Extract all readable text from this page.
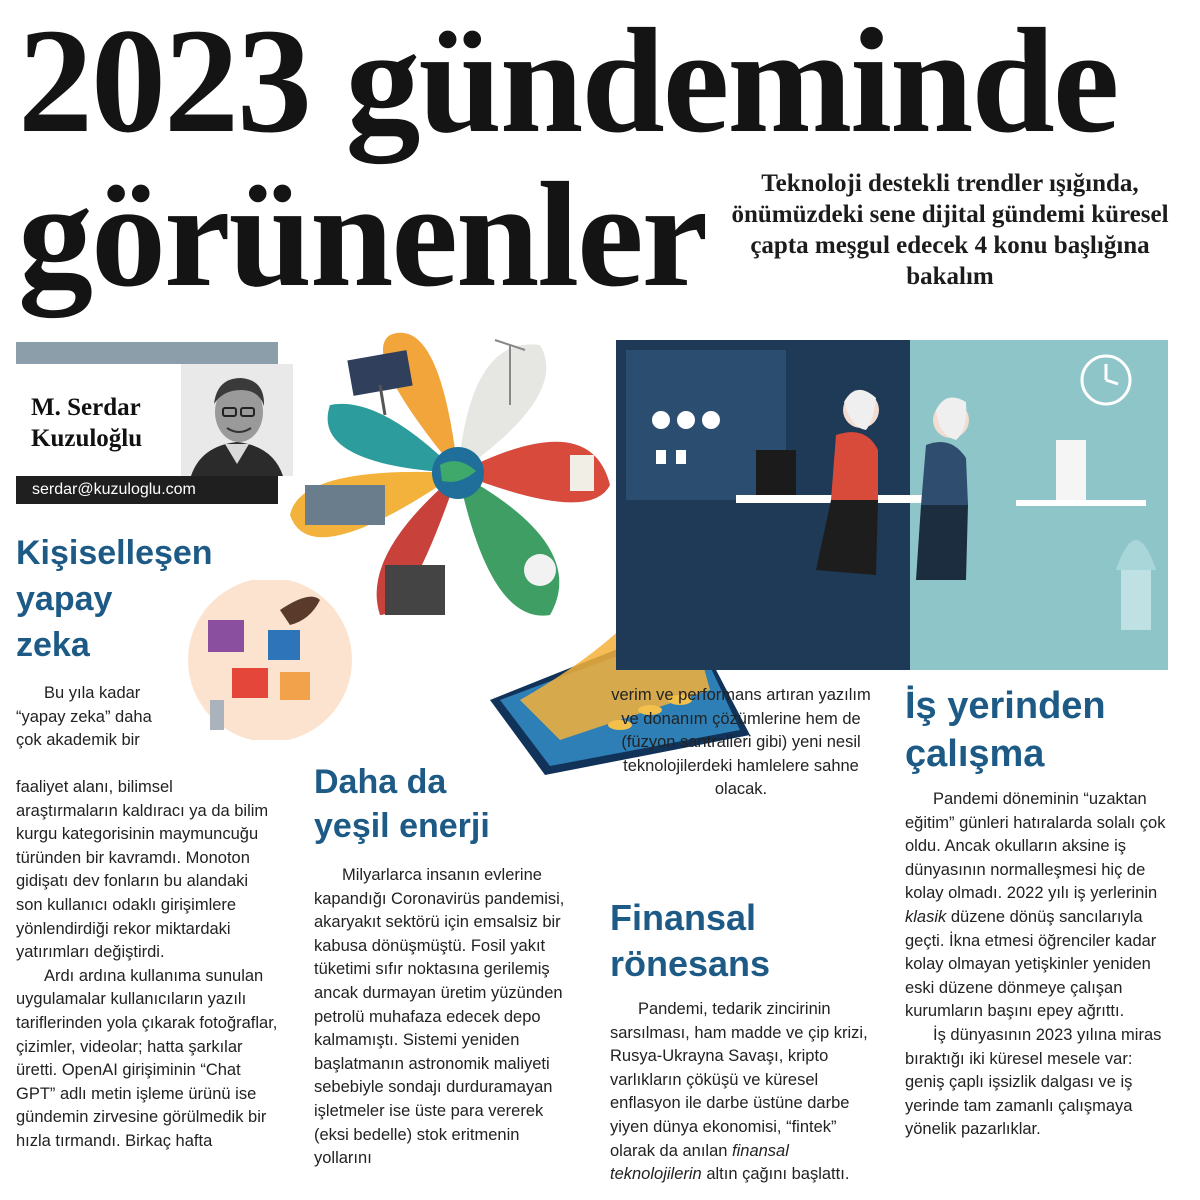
2023 gündeminde
görünenler	Teknoloji destekli trendler ışığında, önümüzdeki sene dijital gündemi küresel çapta meşgul edecek 4 konu başlığına bakalım
M. Serdar
Kuzuloğlu
serdar@kuzuloglu.com
H2
Kişiselleşen
yapay
zeka

Bu yıla kadar “yapay zeka” daha çok akademik bir

faaliyet alanı, bilimsel araştırmaların kaldıracı ya da bilim kurgu kategorisinin maymuncuğu türünden bir kavramdı. Monoton gidişatı dev fonların bu alandaki son kullanıcı odaklı girişimlere yönlendirdiği rekor miktardaki yatırımları değiştirdi.

Ardı ardına kullanıma sunulan uygulamalar kullanıcıların yazılı tariflerinden yola çıkarak fotoğraflar, çizimler, videolar; hatta şarkılar üretti. OpenAI girişiminin “Chat GPT” adlı metin işleme ürünü ise gündemin zirvesine görülmedik bir hızla tırmandı. Birkaç hafta

Daha da
yeşil enerji

Milyarlarca insanın evlerine kapandığı Coronavirüs pandemisi, akaryakıt sektörü için emsalsiz bir kabusa dönüşmüştü. Fosil yakıt tüketimi sıfır noktasına gerilemiş ancak durmayan üretim yüzünden petrolü muhafaza edecek depo kalmamıştı. Sistemi yeniden başlatmanın astronomik maliyeti sebebiyle sondajı durduramayan işletmeler ise üste para vererek (eksi bedelle) stok eritmenin yollarını

verim ve performans artıran yazılım ve donanım çözümlerine hem de (füzyon santralleri gibi) yeni nesil teknolojilerdeki hamlelere sahne olacak.

Finansal
rönesans

Pandemi, tedarik zincirinin sarsılması, ham madde ve çip krizi, Rusya-Ukrayna Savaşı, kripto varlıkların çöküşü ve küresel enflasyon ile darbe üstüne darbe yiyen dünya ekonomisi, “fintek” olarak da anılan finansal teknolojilerin altın çağını başlattı.

İş yerinden
çalışma

Pandemi döneminin “uzaktan eğitim” günleri hatıralarda solalı çok oldu. Ancak okulların aksine iş dünyasının normalleşmesi hiç de kolay olmadı. 2022 yılı iş yerlerinin klasik düzene dönüş sancılarıyla geçti. İkna etmesi öğrenciler kadar kolay olmayan yetişkinler yeniden eski düzene dönmeye çalışan kurumların başını epey ağrıttı.

İş dünyasının 2023 yılına miras bıraktığı iki küresel mesele var: geniş çaplı işsizlik dalgası ve iş yerinde tam zamanlı çalışmaya yönelik pazarlıklar.
